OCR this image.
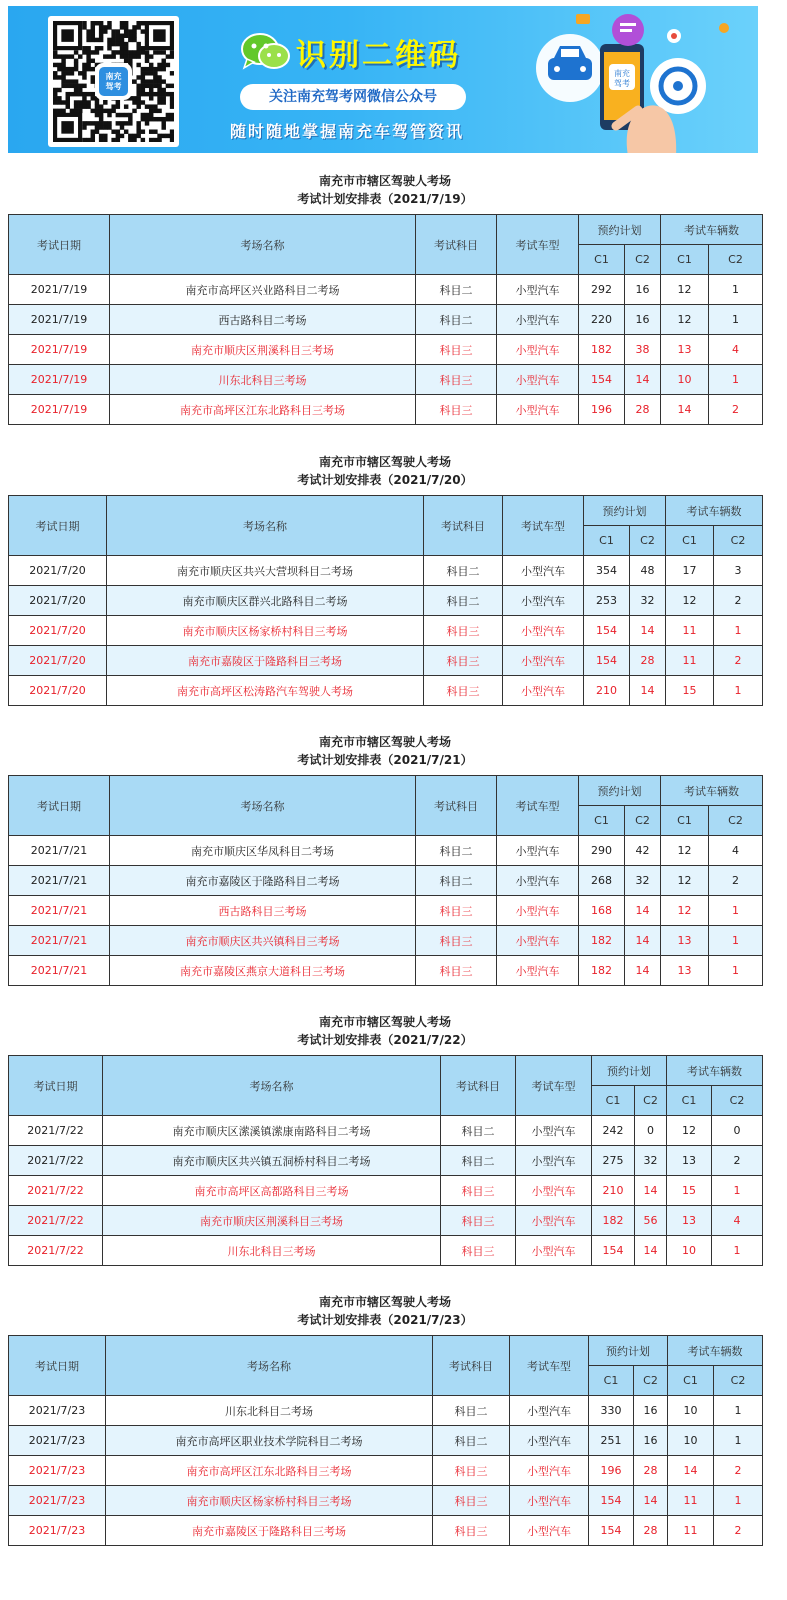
南充
驾考
识别二维码
关注南充驾考网微信公众号
随时随地掌握南充车驾管资讯
南充
驾考
南充市市辖区驾驶人考场
考试计划安排表（2021/7/19）
考试日期	考场名称	考试科目	考试车型	预约计划		考试车辆数	
				C1	C2	C1	C2
2021/7/19	南充市高坪区兴业路科目二考场	科目二	小型汽车	292	16	12	1
2021/7/19	西古路科目二考场	科目二	小型汽车	220	16	12	1
2021/7/19	南充市顺庆区荆溪科目三考场	科目三	小型汽车	182	38	13	4
2021/7/19	川东北科目三考场	科目三	小型汽车	154	14	10	1
2021/7/19	南充市高坪区江东北路科目三考场	科目三	小型汽车	196	28	14	2
南充市市辖区驾驶人考场
考试计划安排表（2021/7/20）
考试日期	考场名称	考试科目	考试车型	预约计划		考试车辆数	
				C1	C2	C1	C2
2021/7/20	南充市顺庆区共兴大营坝科目二考场	科目二	小型汽车	354	48	17	3
2021/7/20	南充市顺庆区群兴北路科目二考场	科目二	小型汽车	253	32	12	2
2021/7/20	南充市顺庆区杨家桥村科目三考场	科目三	小型汽车	154	14	11	1
2021/7/20	南充市嘉陵区于隆路科目三考场	科目三	小型汽车	154	28	11	2
2021/7/20	南充市高坪区松涛路汽车驾驶人考场	科目三	小型汽车	210	14	15	1
南充市市辖区驾驶人考场
考试计划安排表（2021/7/21）
考试日期	考场名称	考试科目	考试车型	预约计划		考试车辆数	
				C1	C2	C1	C2
2021/7/21	南充市顺庆区华凤科目二考场	科目二	小型汽车	290	42	12	4
2021/7/21	南充市嘉陵区于隆路科目二考场	科目二	小型汽车	268	32	12	2
2021/7/21	西古路科目三考场	科目三	小型汽车	168	14	12	1
2021/7/21	南充市顺庆区共兴镇科目三考场	科目三	小型汽车	182	14	13	1
2021/7/21	南充市嘉陵区燕京大道科目三考场	科目三	小型汽车	182	14	13	1
南充市市辖区驾驶人考场
考试计划安排表（2021/7/22）
考试日期	考场名称	考试科目	考试车型	预约计划		考试车辆数	
				C1	C2	C1	C2
2021/7/22	南充市顺庆区潆溪镇潆康南路科目二考场	科目二	小型汽车	242	0	12	0
2021/7/22	南充市顺庆区共兴镇五洞桥村科目二考场	科目二	小型汽车	275	32	13	2
2021/7/22	南充市高坪区高都路科目三考场	科目三	小型汽车	210	14	15	1
2021/7/22	南充市顺庆区荆溪科目三考场	科目三	小型汽车	182	56	13	4
2021/7/22	川东北科目三考场	科目三	小型汽车	154	14	10	1
南充市市辖区驾驶人考场
考试计划安排表（2021/7/23）
考试日期	考场名称	考试科目	考试车型	预约计划		考试车辆数	
				C1	C2	C1	C2
2021/7/23	川东北科目二考场	科目二	小型汽车	330	16	10	1
2021/7/23	南充市高坪区职业技术学院科目二考场	科目二	小型汽车	251	16	10	1
2021/7/23	南充市高坪区江东北路科目三考场	科目三	小型汽车	196	28	14	2
2021/7/23	南充市顺庆区杨家桥村科目三考场	科目三	小型汽车	154	14	11	1
2021/7/23	南充市嘉陵区于隆路科目三考场	科目三	小型汽车	154	28	11	2
